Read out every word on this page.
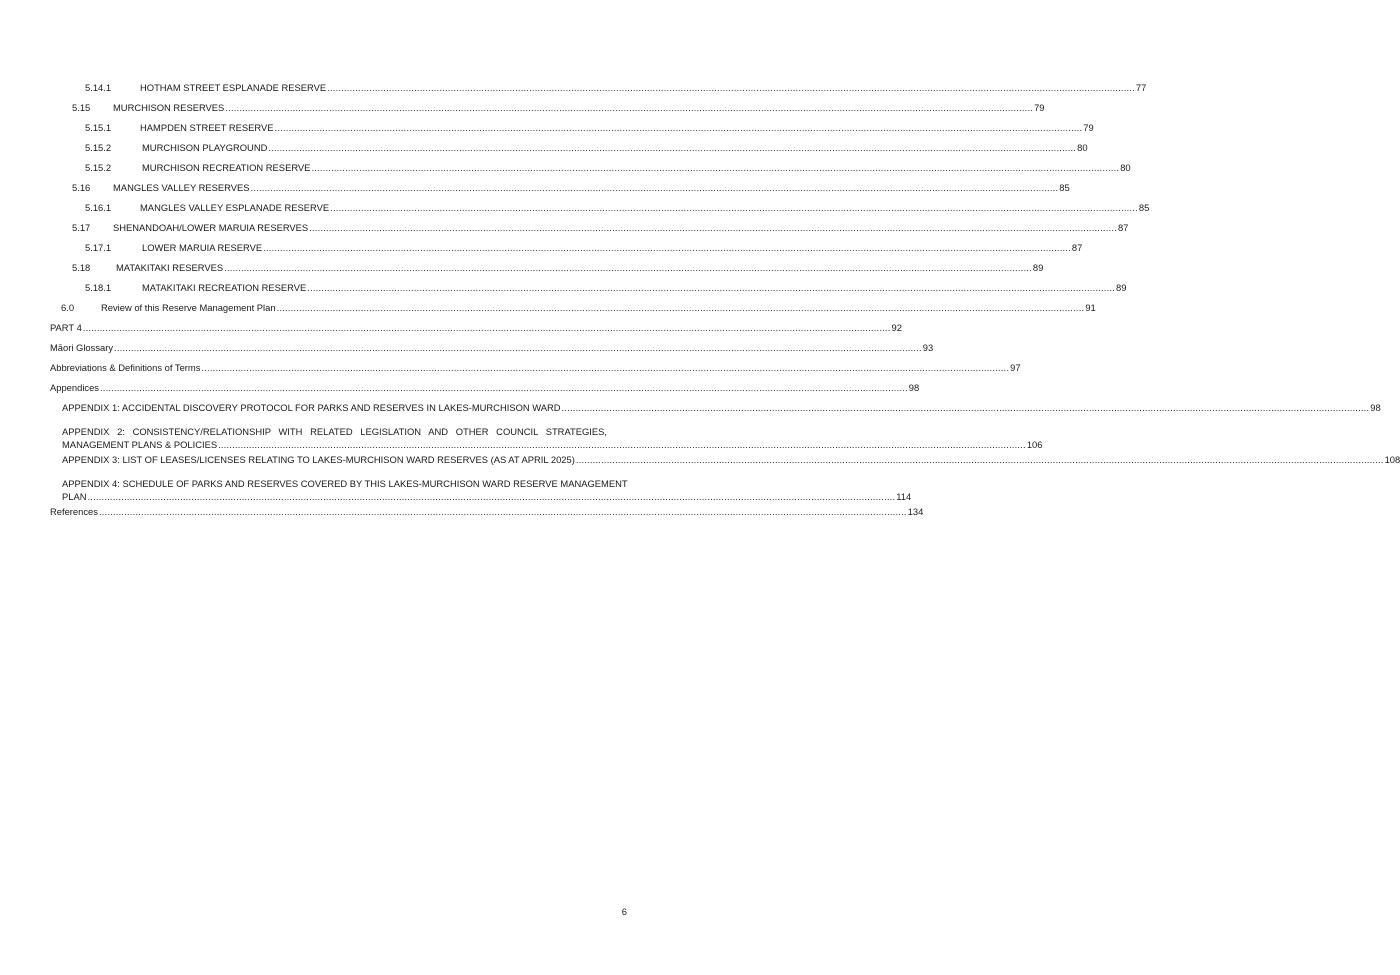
5.14.1	HOTHAM STREET ESPLANADE RESERVE .....	77
5.15	MURCHISON RESERVES .....	79
5.15.1	HAMPDEN STREET RESERVE .....	79
5.15.2	MURCHISON PLAYGROUND .....	80
5.15.2	MURCHISON RECREATION RESERVE .....	80
5.16	MANGLES VALLEY RESERVES .....	85
5.16.1	MANGLES VALLEY ESPLANADE RESERVE .....	85
5.17	SHENANDOAH/LOWER MARUIA RESERVES .....	87
5.17.1	LOWER MARUIA RESERVE .....	87
5.18	MATAKITAKI RESERVES .....	89
5.18.1	MATAKITAKI RECREATION RESERVE .....	89
6.0	Review of this Reserve Management Plan .....	91
PART 4 .....	92
Māori Glossary .....	93
Abbreviations & Definitions of Terms .....	97
Appendices .....	98
APPENDIX 1: ACCIDENTAL DISCOVERY PROTOCOL FOR PARKS AND RESERVES IN LAKES-MURCHISON WARD .....	98
APPENDIX 2: CONSISTENCY/RELATIONSHIP WITH RELATED LEGISLATION AND OTHER COUNCIL STRATEGIES,
MANAGEMENT PLANS & POLICIES .....	106
APPENDIX 3: LIST OF LEASES/LICENSES RELATING TO LAKES-MURCHISON WARD RESERVES (AS AT APRIL 2025) .....	108
APPENDIX 4: SCHEDULE OF PARKS AND RESERVES COVERED BY THIS LAKES-MURCHISON WARD RESERVE MANAGEMENT
PLAN .....	114
References .....	134
6
